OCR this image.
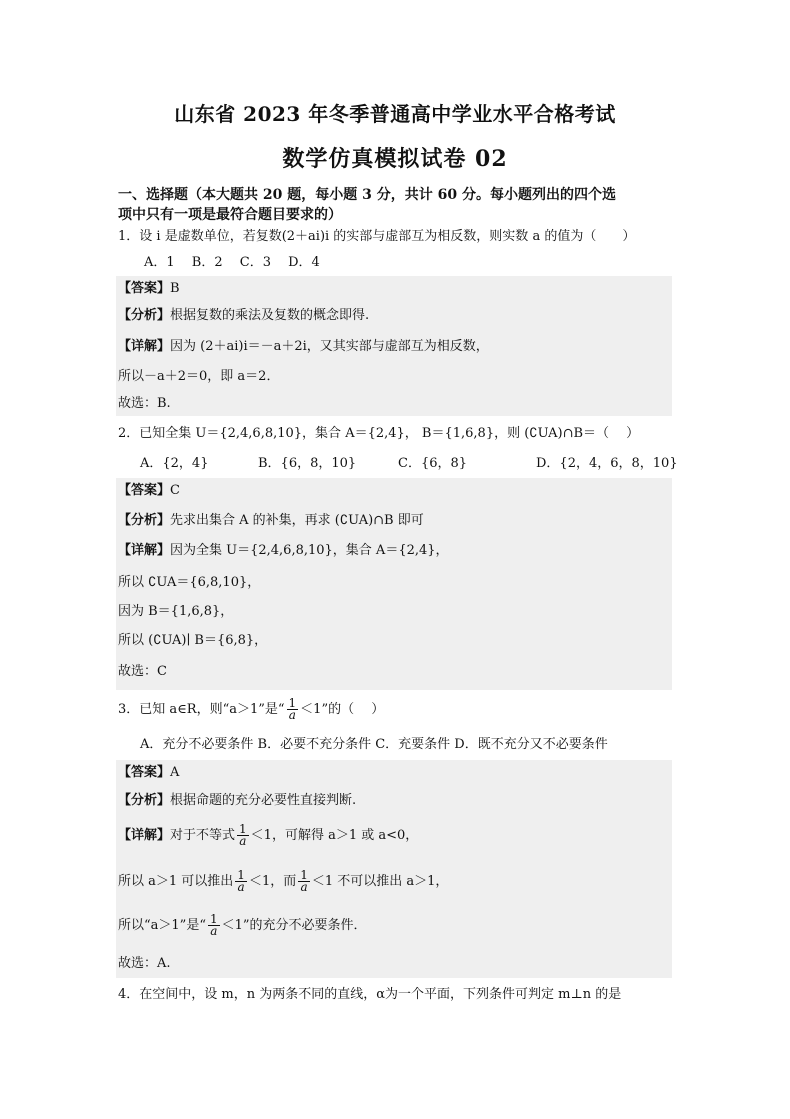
山东省 2023 年冬季普通高中学业水平合格考试
数学仿真模拟试卷 02
一、选择题（本大题共 20 题，每小题 3 分，共计 60 分。每小题列出的四个选
项中只有一项是最符合题目要求的）
1．设 i 是虚数单位，若复数(2＋ai)i 的实部与虚部互为相反数，则实数 a 的值为（　　）
A．1　 B．2　 C．3　 D．4
【答案】B
【分析】根据复数的乘法及复数的概念即得.
【详解】因为 (2＋ai)i＝－a＋2i，又其实部与虚部互为相反数，
所以－a＋2＝0，即 a＝2．
故选：B.
2．已知全集 U＝{2,4,6,8,10}，集合 A＝{2,4}， B＝{1,6,8}，则 (∁UA)∩B＝（　 ）
A．{2，4}	B．{6，8，10}	C．{6，8}	D．{2，4，6，8，10}
【答案】C
【分析】先求出集合 A 的补集，再求 (∁UA)∩B 即可
【详解】因为全集 U＝{2,4,6,8,10}，集合 A＝{2,4}，
所以 ∁UA＝{6,8,10}，
因为 B＝{1,6,8}，
所以 (∁UA)∣ B＝{6,8}，
故选：C
3．已知 a∈R，则“a＞1”是“ $\frac{1}{a} <1$”的（　 ）
A．充分不必要条件 B．必要不充分条件 C．充要条件 D．既不充分又不必要条件
【答案】A
【分析】根据命题的充分必要性直接判断.
【详解】对于不等式 $\frac{1}{a} <1$，可解得 a＞1 或 a<0，
所以 a＞1 可以推出 $\frac{1}{a} <1$，而 $\frac{1}{a} <1$ 不可以推出 a＞1，
所以“a＞1”是“ $\frac{1}{a} <1$”的充分不必要条件．
故选：A.
4．在空间中，设 m，n 为两条不同的直线，α为一个平面，下列条件可判定 m⊥n 的是
